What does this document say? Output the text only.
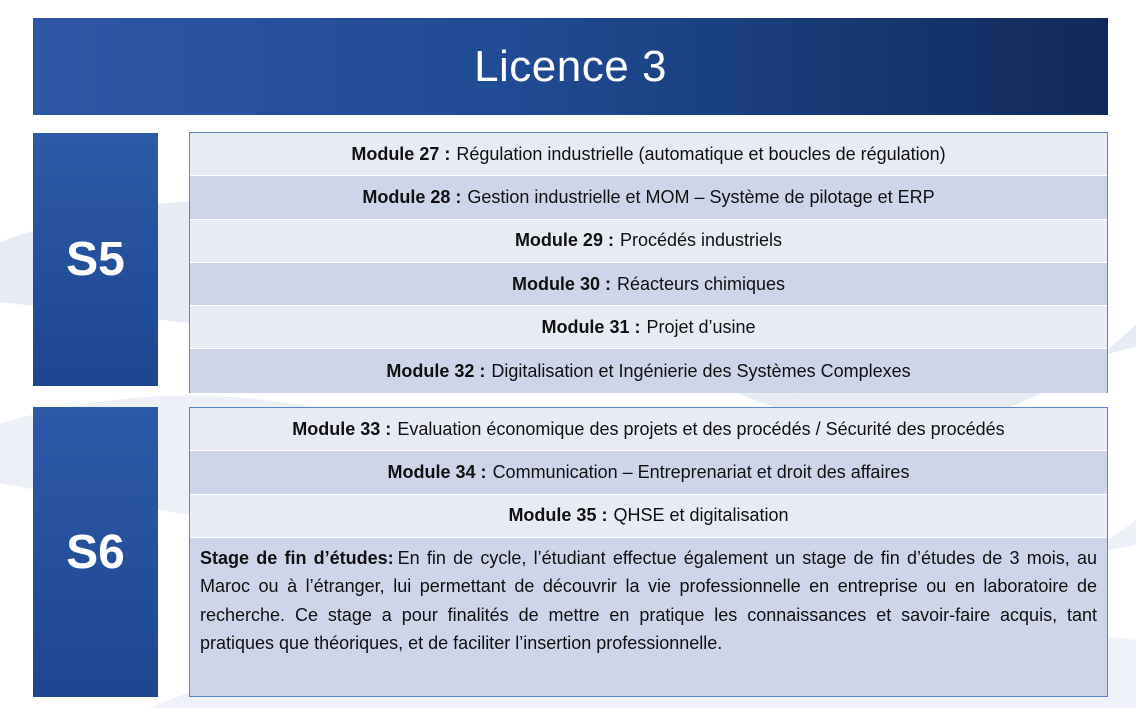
Licence 3
S5
Module 27 : Régulation industrielle (automatique et boucles de régulation)
Module 28 : Gestion industrielle et MOM – Système de pilotage et ERP
Module 29 : Procédés industriels
Module 30 : Réacteurs chimiques
Module 31 : Projet d’usine
Module 32 : Digitalisation et Ingénierie des Systèmes Complexes
S6
Module 33 : Evaluation économique des projets et des procédés / Sécurité des procédés
Module 34 : Communication – Entreprenariat et droit des affaires
Module 35 : QHSE et digitalisation
Stage de fin d’études: En fin de cycle, l’étudiant effectue également un stage de fin d’études de 3 mois, au Maroc ou à l’étranger, lui permettant de découvrir la vie professionnelle en entreprise ou en laboratoire de recherche. Ce stage a pour finalités de mettre en pratique les connaissances et savoir-faire acquis, tant pratiques que théoriques, et de faciliter l’insertion professionnelle.
